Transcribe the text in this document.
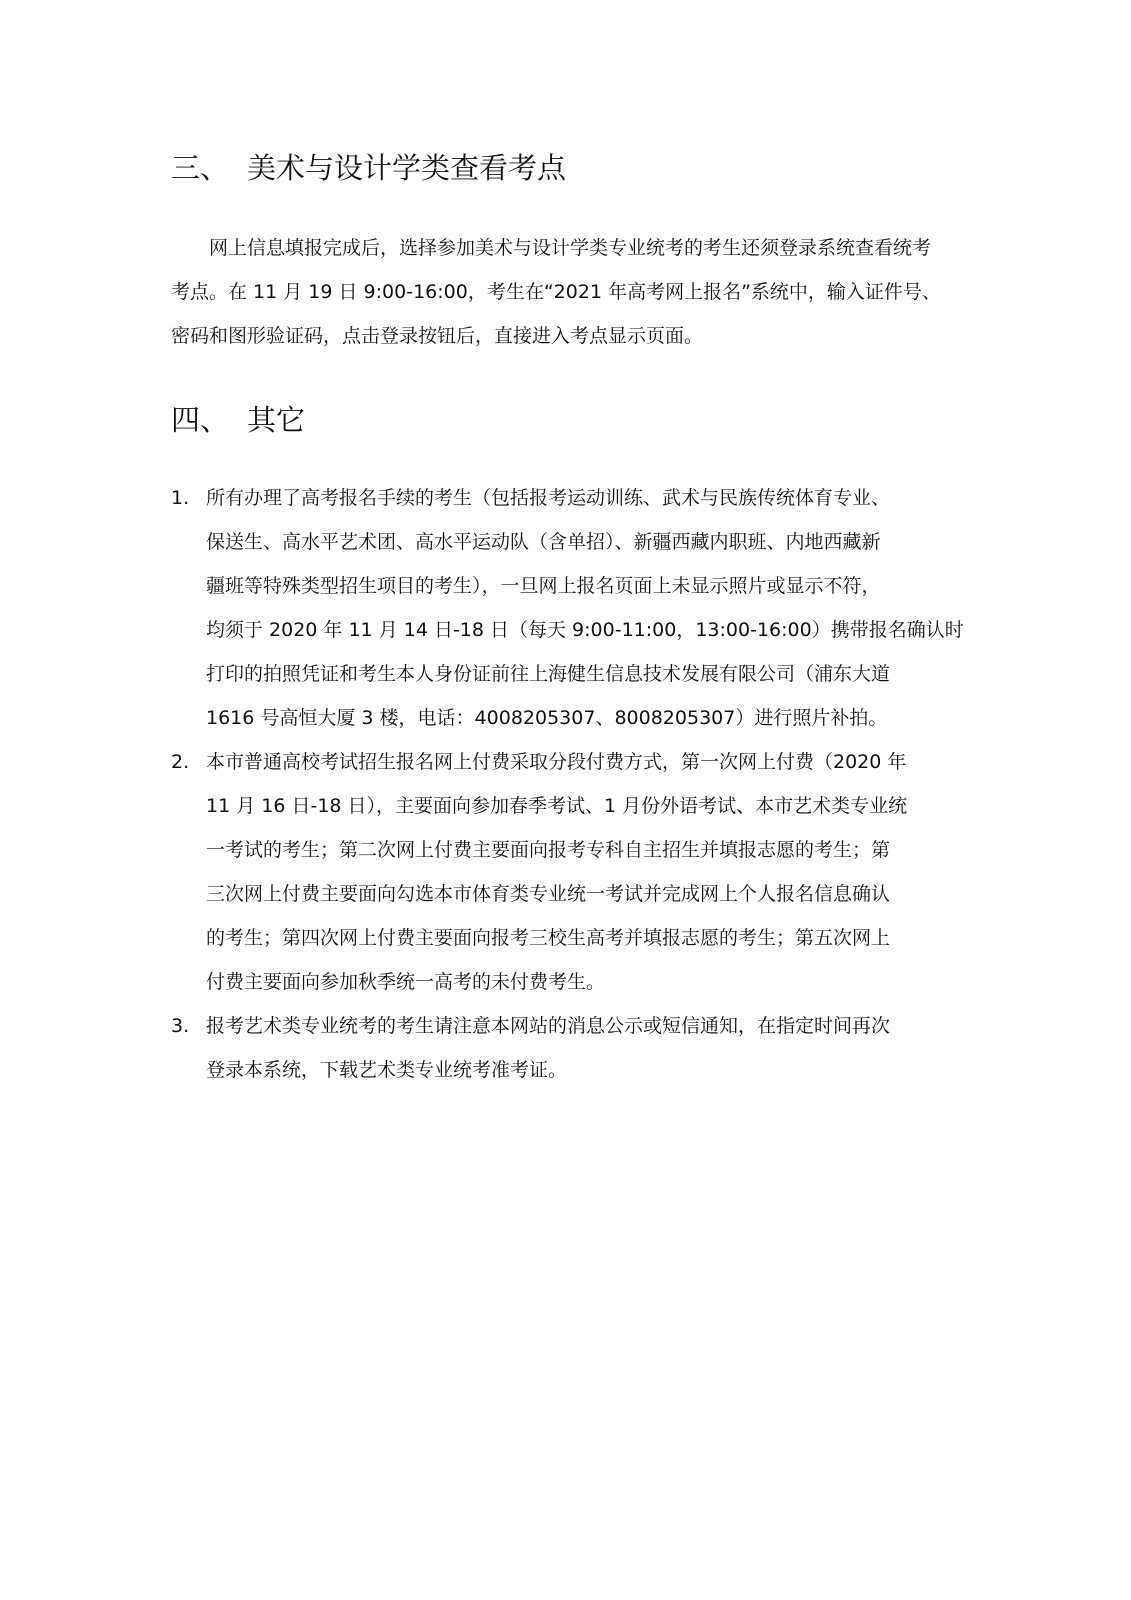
三、 美术与设计学类查看考点

网上信息填报完成后，选择参加美术与设计学类专业统考的考生还须登录系统查看统考
考点。在 11 月 19 日 9:00-16:00，考生在“2021 年高考网上报名”系统中，输入证件号、
密码和图形验证码，点击登录按钮后，直接进入考点显示页面。

四、 其它
1. 所有办理了高考报名手续的考生（包括报考运动训练、武术与民族传统体育专业、
保送生、高水平艺术团、高水平运动队（含单招）、新疆西藏内职班、内地西藏新
疆班等特殊类型招生项目的考生），一旦网上报名页面上未显示照片或显示不符，
均须于 2020 年 11 月 14 日-18 日（每天 9:00-11:00，13:00-16:00）携带报名确认时
打印的拍照凭证和考生本人身份证前往上海健生信息技术发展有限公司（浦东大道
1616 号高恒大厦 3 楼，电话：4008205307、8008205307）进行照片补拍。
2. 本市普通高校考试招生报名网上付费采取分段付费方式，第一次网上付费（2020 年
11 月 16 日-18 日），主要面向参加春季考试、1 月份外语考试、本市艺术类专业统
一考试的考生；第二次网上付费主要面向报考专科自主招生并填报志愿的考生；第
三次网上付费主要面向勾选本市体育类专业统一考试并完成网上个人报名信息确认
的考生；第四次网上付费主要面向报考三校生高考并填报志愿的考生；第五次网上
付费主要面向参加秋季统一高考的未付费考生。
3. 报考艺术类专业统考的考生请注意本网站的消息公示或短信通知，在指定时间再次
登录本系统，下载艺术类专业统考准考证。
